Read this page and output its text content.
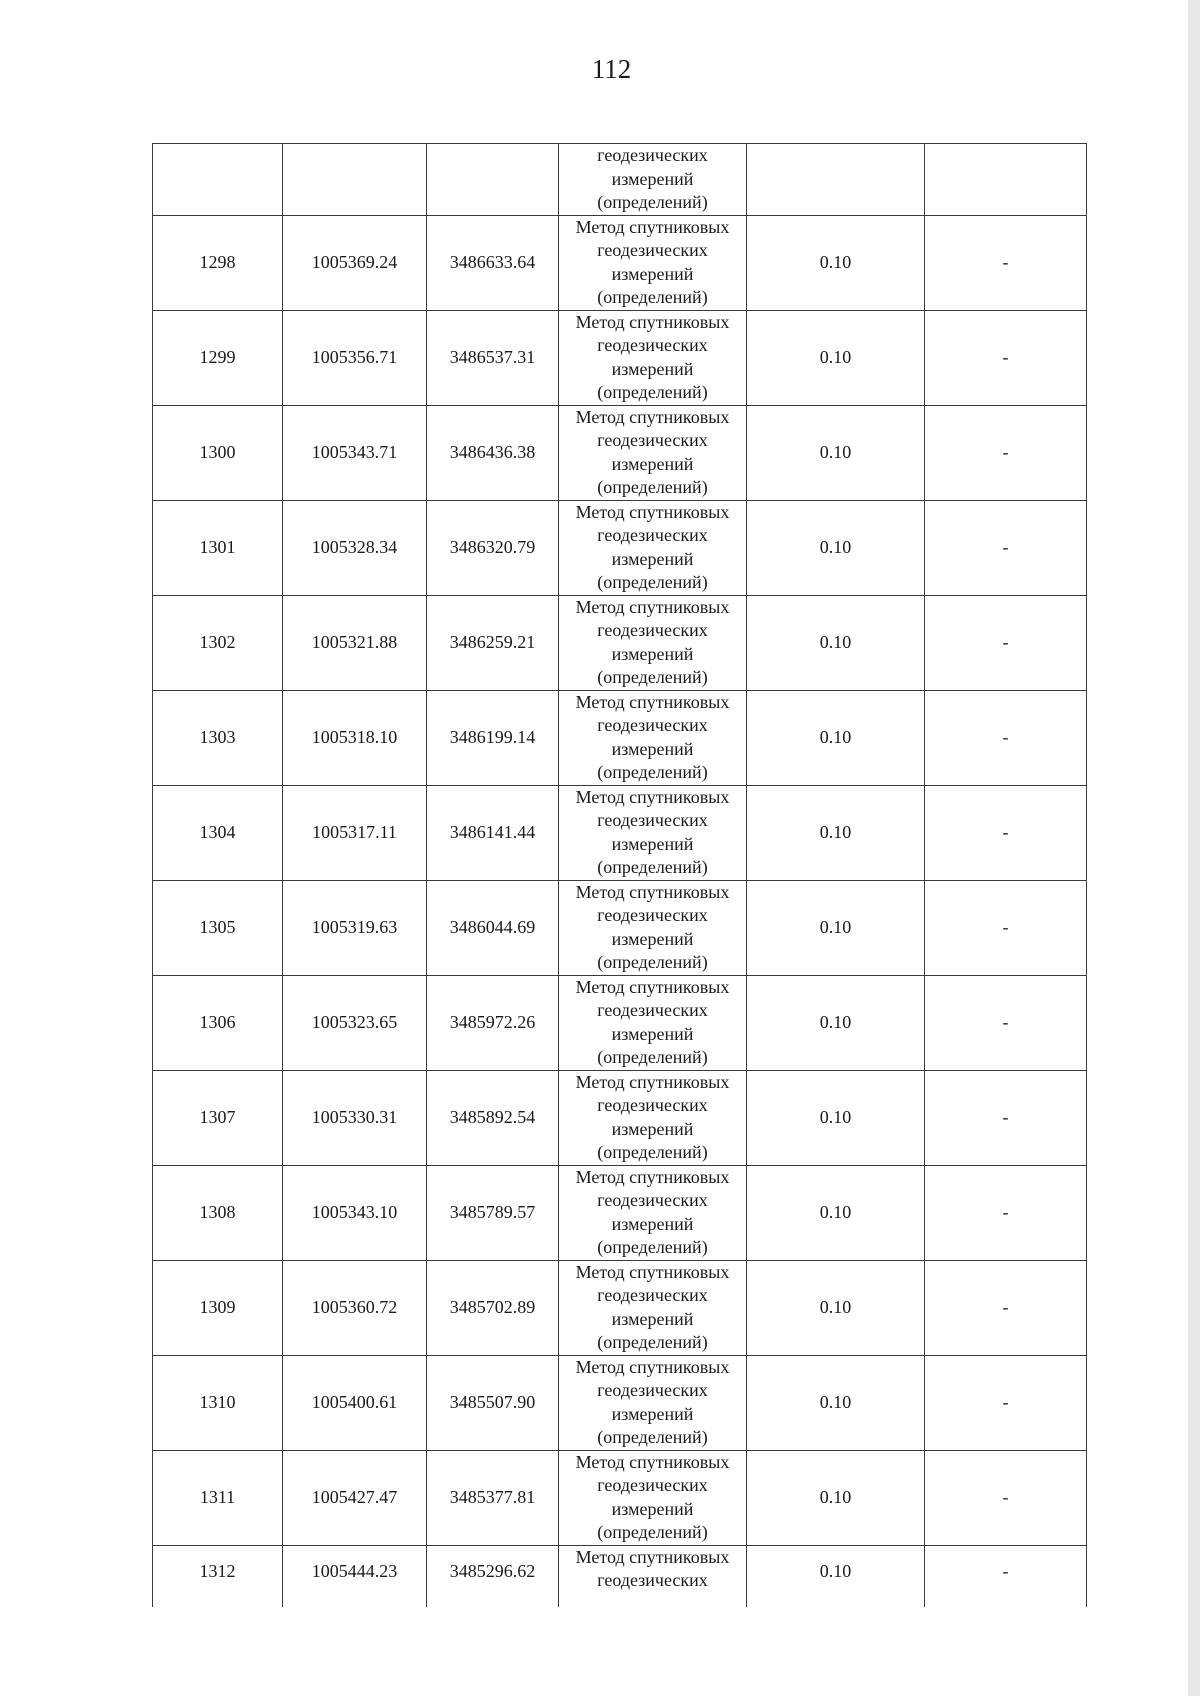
112

			геодезических
измерений
(определений)		

1298	1005369.24	3486633.64	Метод спутниковых
геодезических
измерений
(определений)	0.10	-
1299	1005356.71	3486537.31	Метод спутниковых
геодезических
измерений
(определений)	0.10	-
1300	1005343.71	3486436.38	Метод спутниковых
геодезических
измерений
(определений)	0.10	-
1301	1005328.34	3486320.79	Метод спутниковых
геодезических
измерений
(определений)	0.10	-
1302	1005321.88	3486259.21	Метод спутниковых
геодезических
измерений
(определений)	0.10	-
1303	1005318.10	3486199.14	Метод спутниковых
геодезических
измерений
(определений)	0.10	-
1304	1005317.11	3486141.44	Метод спутниковых
геодезических
измерений
(определений)	0.10	-
1305	1005319.63	3486044.69	Метод спутниковых
геодезических
измерений
(определений)	0.10	-
1306	1005323.65	3485972.26	Метод спутниковых
геодезических
измерений
(определений)	0.10	-
1307	1005330.31	3485892.54	Метод спутниковых
геодезических
измерений
(определений)	0.10	-
1308	1005343.10	3485789.57	Метод спутниковых
геодезических
измерений
(определений)	0.10	-
1309	1005360.72	3485702.89	Метод спутниковых
геодезических
измерений
(определений)	0.10	-
1310	1005400.61	3485507.90	Метод спутниковых
геодезических
измерений
(определений)	0.10	-
1311	1005427.47	3485377.81	Метод спутниковых
геодезических
измерений
(определений)	0.10	-
1312	1005444.23	3485296.62	Метод спутниковых
геодезических	0.10	-
